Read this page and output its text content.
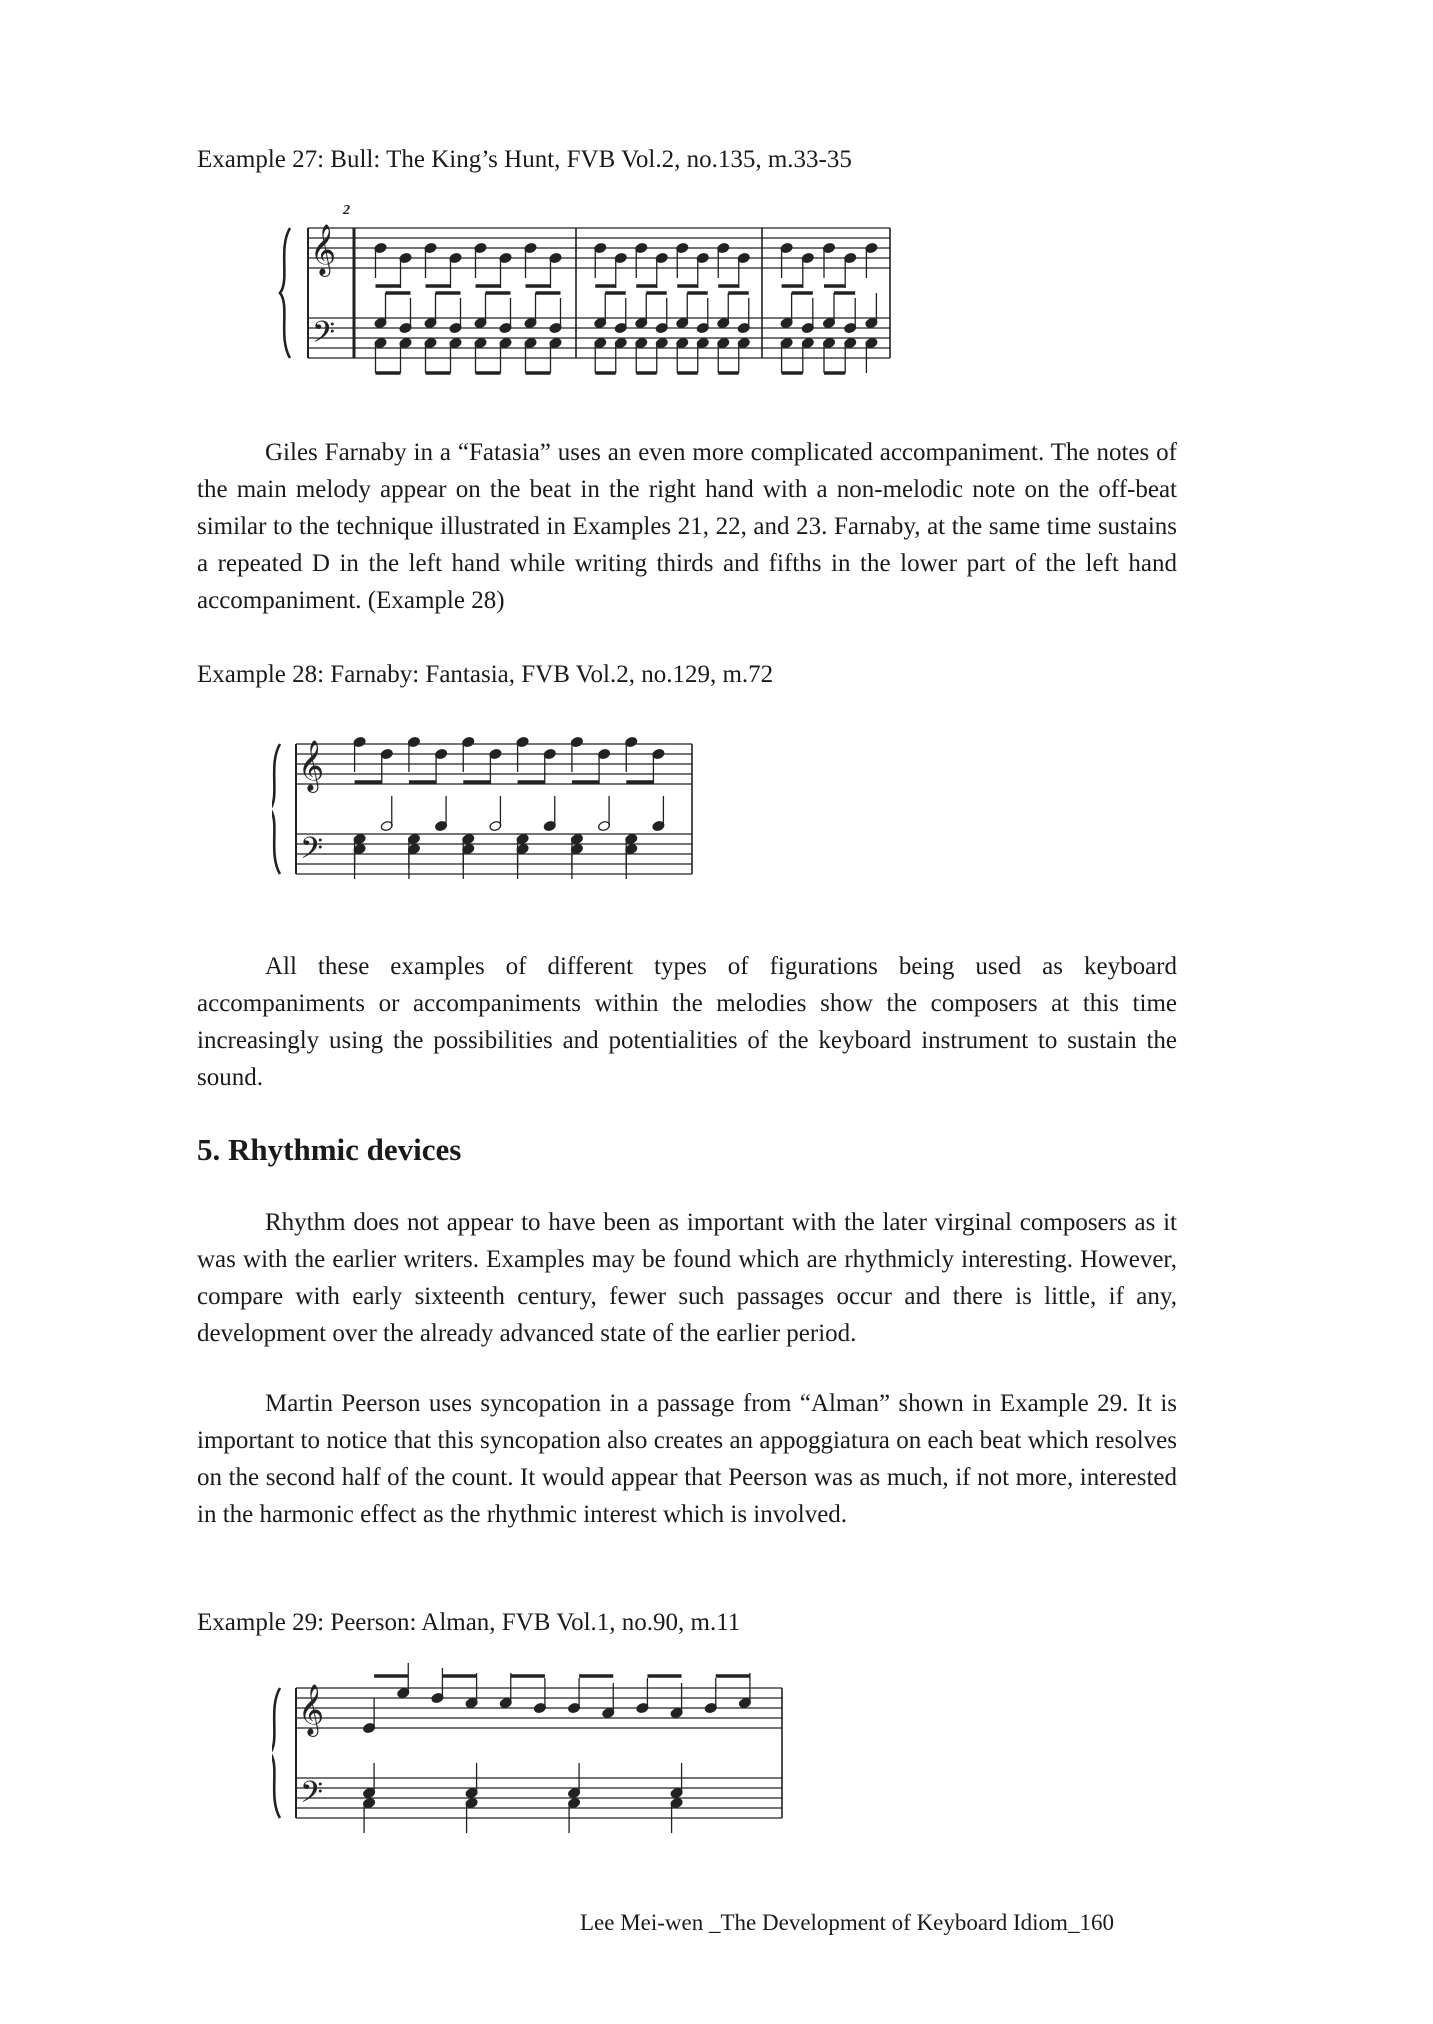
Example 27: Bull: The King’s Hunt, FVB Vol.2, no.135, m.33-35
𝄞
𝄢
2

Giles Farnaby in a “Fatasia” uses an even more complicated accompaniment. The notes of the main melody appear on the beat in the right hand with a non-melodic note on the off-beat similar to the technique illustrated in Examples 21, 22, and 23. Farnaby, at the same time sustains a repeated D in the left hand while writing thirds and fifths in the lower part of the left hand accompaniment. (Example 28)

Example 28: Farnaby: Fantasia, FVB Vol.2, no.129, m.72
𝄞
𝄢

All these examples of different types of figurations being used as keyboard accompaniments or accompaniments within the melodies show the composers at this time increasingly using the possibilities and potentialities of the keyboard instrument to sustain the sound.

5. Rhythmic devices

Rhythm does not appear to have been as important with the later virginal composers as it was with the earlier writers. Examples may be found which are rhythmicly interesting. However, compare with early sixteenth century, fewer such passages occur and there is little, if any, development over the already advanced state of the earlier period.

Martin Peerson uses syncopation in a passage from “Alman” shown in Example 29. It is important to notice that this syncopation also creates an appoggiatura on each beat which resolves on the second half of the count. It would appear that Peerson was as much, if not more, interested in the harmonic effect as the rhythmic interest which is involved.

Example 29: Peerson: Alman, FVB Vol.1, no.90, m.11
𝄞
𝄢
Lee Mei-wen _The Development of Keyboard Idiom_160
